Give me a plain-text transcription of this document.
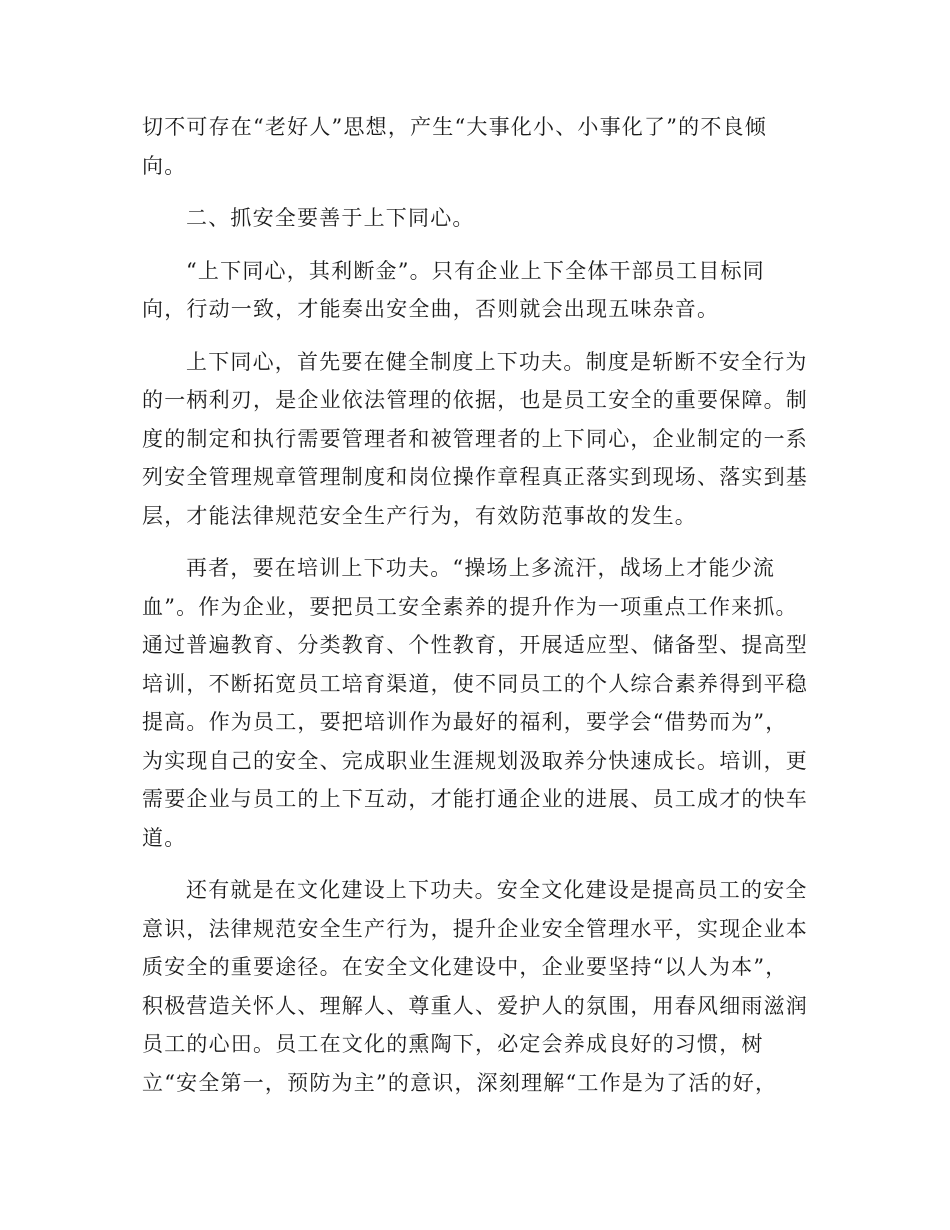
切不可存在“老好人”思想，产生“大事化小、小事化了”的不良倾
向。

二、抓安全要善于上下同心。

“上下同心，其利断金”。只有企业上下全体干部员工目标同
向，行动一致，才能奏出安全曲，否则就会出现五味杂音。

上下同心，首先要在健全制度上下功夫。制度是斩断不安全行为
的一柄利刃，是企业依法管理的依据，也是员工安全的重要保障。制
度的制定和执行需要管理者和被管理者的上下同心，企业制定的一系
列安全管理规章管理制度和岗位操作章程真正落实到现场、落实到基
层，才能法律规范安全生产行为，有效防范事故的发生。

再者，要在培训上下功夫。“操场上多流汗，战场上才能少流
血”。作为企业，要把员工安全素养的提升作为一项重点工作来抓。
通过普遍教育、分类教育、个性教育，开展适应型、储备型、提高型
培训，不断拓宽员工培育渠道，使不同员工的个人综合素养得到平稳
提高。作为员工，要把培训作为最好的福利，要学会“借势而为”，
为实现自己的安全、完成职业生涯规划汲取养分快速成长。培训，更
需要企业与员工的上下互动，才能打通企业的进展、员工成才的快车
道。

还有就是在文化建设上下功夫。安全文化建设是提高员工的安全
意识，法律规范安全生产行为，提升企业安全管理水平，实现企业本
质安全的重要途径。在安全文化建设中，企业要坚持“以人为本”，
积极营造关怀人、理解人、尊重人、爱护人的氛围，用春风细雨滋润
员工的心田。员工在文化的熏陶下，必定会养成良好的习惯，树
立“安全第一，预防为主”的意识，深刻理解“工作是为了活的好，
